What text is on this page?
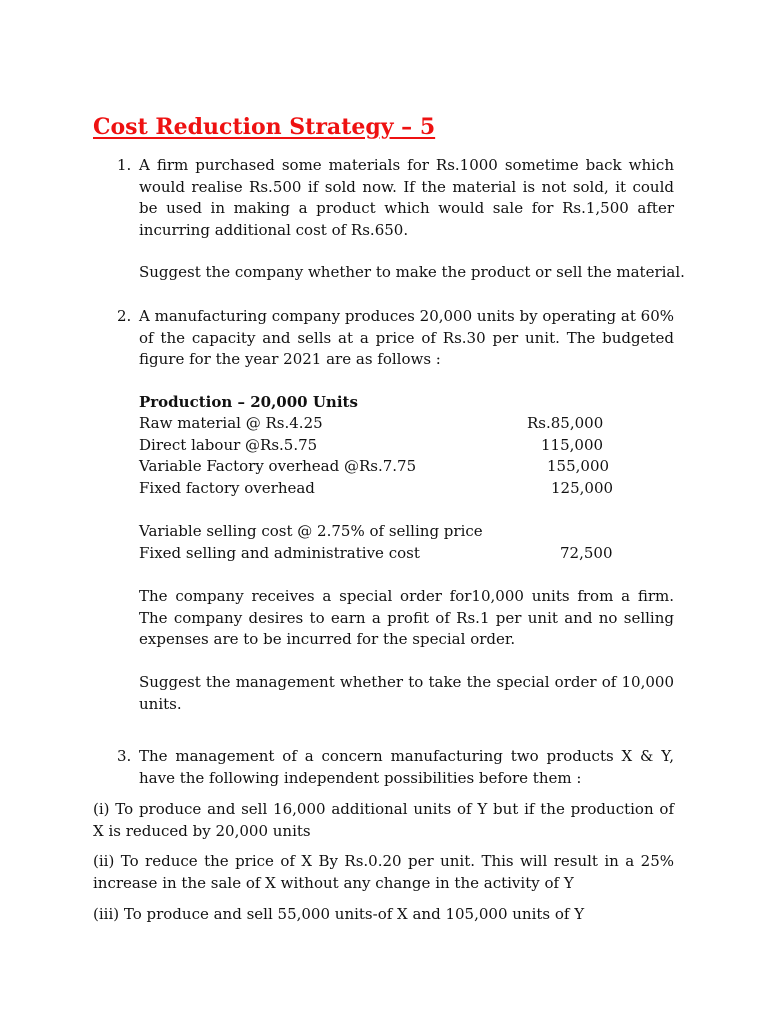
Cost Reduction Strategy – 5
1. A firm purchased some materials for Rs.1000 sometime back which would realise Rs.500 if sold now. If the material is not sold, it could be used in making a product which would sale for Rs.1,500 after incurring additional cost of Rs.650.
Suggest the company whether to make the product or sell the material.
2. A manufacturing company produces 20,000 units by operating at 60% of the capacity and sells at a price of Rs.30 per unit. The budgeted figure for the year 2021 are as follows :
Production – 20,000 Units
Raw material @ Rs.4.25	Rs.85,000
Direct labour @Rs.5.75	115,000
Variable Factory overhead @Rs.7.75	155,000
Fixed factory overhead	125,000
Variable selling cost @ 2.75% of selling price
Fixed selling and administrative cost	72,500
The company receives a special order for10,000 units from a firm. The company desires to earn a profit of Rs.1 per unit and no selling expenses are to be incurred for the special order.
Suggest the management whether to take the special order of 10,000 units.
3. The management of a concern manufacturing two products X & Y, have the following independent possibilities before them :
(i) To produce and sell 16,000 additional units of Y but if the production of X is reduced by 20,000 units
(ii) To reduce the price of X By Rs.0.20 per unit. This will result in a 25% increase in the sale of X without any change in the activity of Y
(iii) To produce and sell 55,000 units-of X and 105,000 units of Y
